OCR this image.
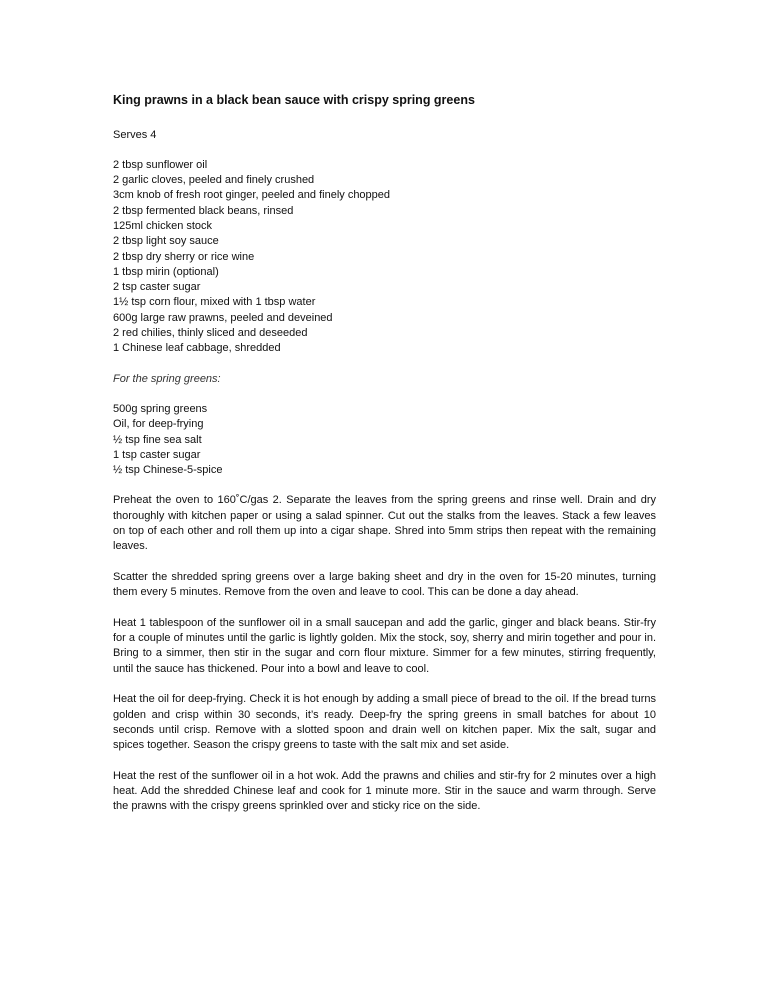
King prawns in a black bean sauce with crispy spring greens
Serves 4
2 tbsp sunflower oil
2 garlic cloves, peeled and finely crushed
3cm knob of fresh root ginger, peeled and finely chopped
2 tbsp fermented black beans, rinsed
125ml chicken stock
2 tbsp light soy sauce
2 tbsp dry sherry or rice wine
1 tbsp mirin (optional)
2 tsp caster sugar
1½ tsp corn flour, mixed with 1 tbsp water
600g large raw prawns, peeled and deveined
2 red chilies, thinly sliced and deseeded
1 Chinese leaf cabbage, shredded
For the spring greens:
500g spring greens
Oil, for deep-frying
½ tsp fine sea salt
1 tsp caster sugar
½ tsp Chinese-5-spice

Preheat the oven to 160˚C/gas 2. Separate the leaves from the spring greens and rinse well. Drain and dry thoroughly with kitchen paper or using a salad spinner. Cut out the stalks from the leaves. Stack a few leaves on top of each other and roll them up into a cigar shape. Shred into 5mm strips then repeat with the remaining leaves.

Scatter the shredded spring greens over a large baking sheet and dry in the oven for 15-20 minutes, turning them every 5 minutes. Remove from the oven and leave to cool. This can be done a day ahead.

Heat 1 tablespoon of the sunflower oil in a small saucepan and add the garlic, ginger and black beans. Stir-fry for a couple of minutes until the garlic is lightly golden. Mix the stock, soy, sherry and mirin together and pour in. Bring to a simmer, then stir in the sugar and corn flour mixture. Simmer for a few minutes, stirring frequently, until the sauce has thickened. Pour into a bowl and leave to cool.

Heat the oil for deep-frying. Check it is hot enough by adding a small piece of bread to the oil. If the bread turns golden and crisp within 30 seconds, it’s ready. Deep-fry the spring greens in small batches for about 10 seconds until crisp. Remove with a slotted spoon and drain well on kitchen paper. Mix the salt, sugar and spices together. Season the crispy greens to taste with the salt mix and set aside.

Heat the rest of the sunflower oil in a hot wok. Add the prawns and chilies and stir-fry for 2 minutes over a high heat. Add the shredded Chinese leaf and cook for 1 minute more. Stir in the sauce and warm through. Serve the prawns with the crispy greens sprinkled over and sticky rice on the side.
